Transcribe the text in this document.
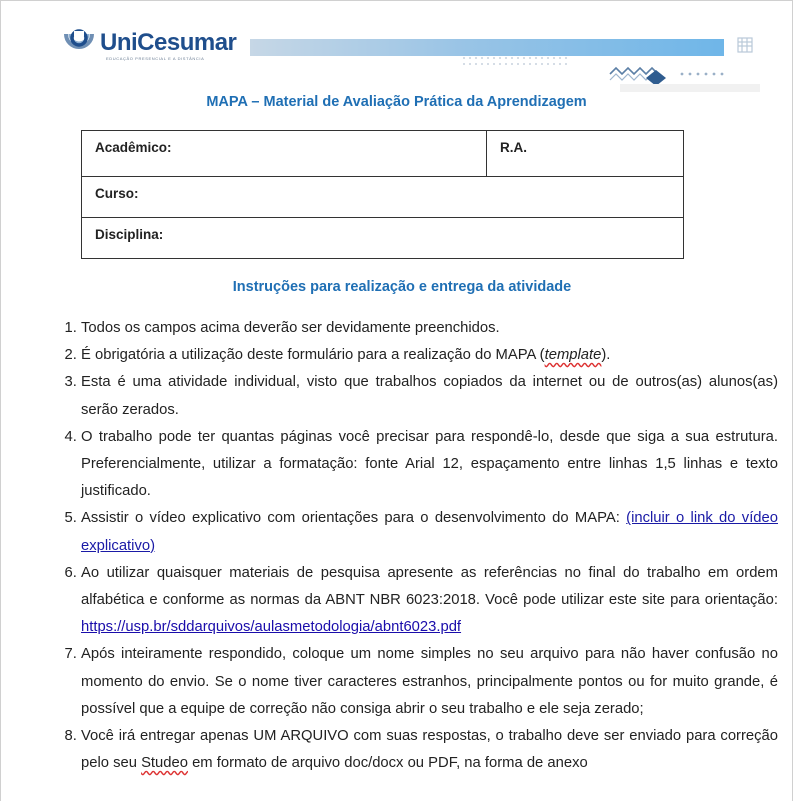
UniCesumar
EDUCAÇÃO PRESENCIAL E A DISTÂNCIA
MAPA – Material de Avaliação Prática da Aprendizagem
Acadêmico:	R.A.
Curso:
Disciplina:
Instruções para realização e entrega da atividade
1. Todos os campos acima deverão ser devidamente preenchidos.
2. É obrigatória a utilização deste formulário para a realização do MAPA (template).
3. Esta é uma atividade individual, visto que trabalhos copiados da internet ou de outros(as) alunos(as) serão zerados.
4. O trabalho pode ter quantas páginas você precisar para respondê-lo, desde que siga a sua estrutura. Preferencialmente, utilizar a formatação: fonte Arial 12, espaçamento entre linhas 1,5 linhas e texto justificado.
5. Assistir o vídeo explicativo com orientações para o desenvolvimento do MAPA: (incluir o link do vídeo explicativo)
6. Ao utilizar quaisquer materiais de pesquisa apresente as referências no final do trabalho em ordem alfabética e conforme as normas da ABNT NBR 6023:2018. Você pode utilizar este site para orientação: https://usp.br/sddarquivos/aulasmetodologia/abnt6023.pdf
7. Após inteiramente respondido, coloque um nome simples no seu arquivo para não haver confusão no momento do envio. Se o nome tiver caracteres estranhos, principalmente pontos ou for muito grande, é possível que a equipe de correção não consiga abrir o seu trabalho e ele seja zerado;
8. Você irá entregar apenas UM ARQUIVO com suas respostas, o trabalho deve ser enviado para correção pelo seu Studeo em formato de arquivo doc/docx ou PDF, na forma de anexo
